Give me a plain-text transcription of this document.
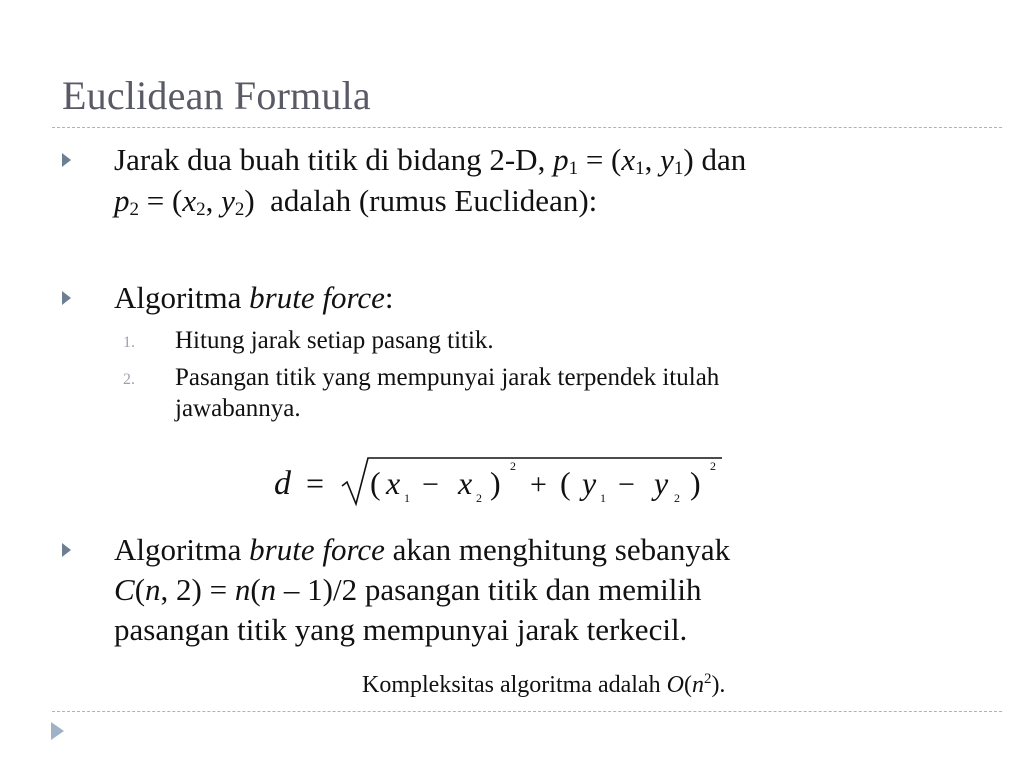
Euclidean Formula
Jarak dua buah titik di bidang 2-D, $p_1 = (x_1$, $y_1$) dan
$p_2 = (x_2$, $y_2$) adalah (rumus Euclidean):
Algoritma brute force:
1. Hitung jarak setiap pasang titik.
2. Pasangan titik yang mempunyai jarak terpendek itulah
jawabannya.
d = ( x 1 − x 2 ) 2
+ ( y 1 − y 2 ) 2
Algoritma brute force akan menghitung sebanyak
C(n, 2) = n(n – 1)/2 pasangan titik dan memilih
pasangan titik yang mempunyai jarak terkecil.
Kompleksitas algoritma adalah $O(n^2)$.
